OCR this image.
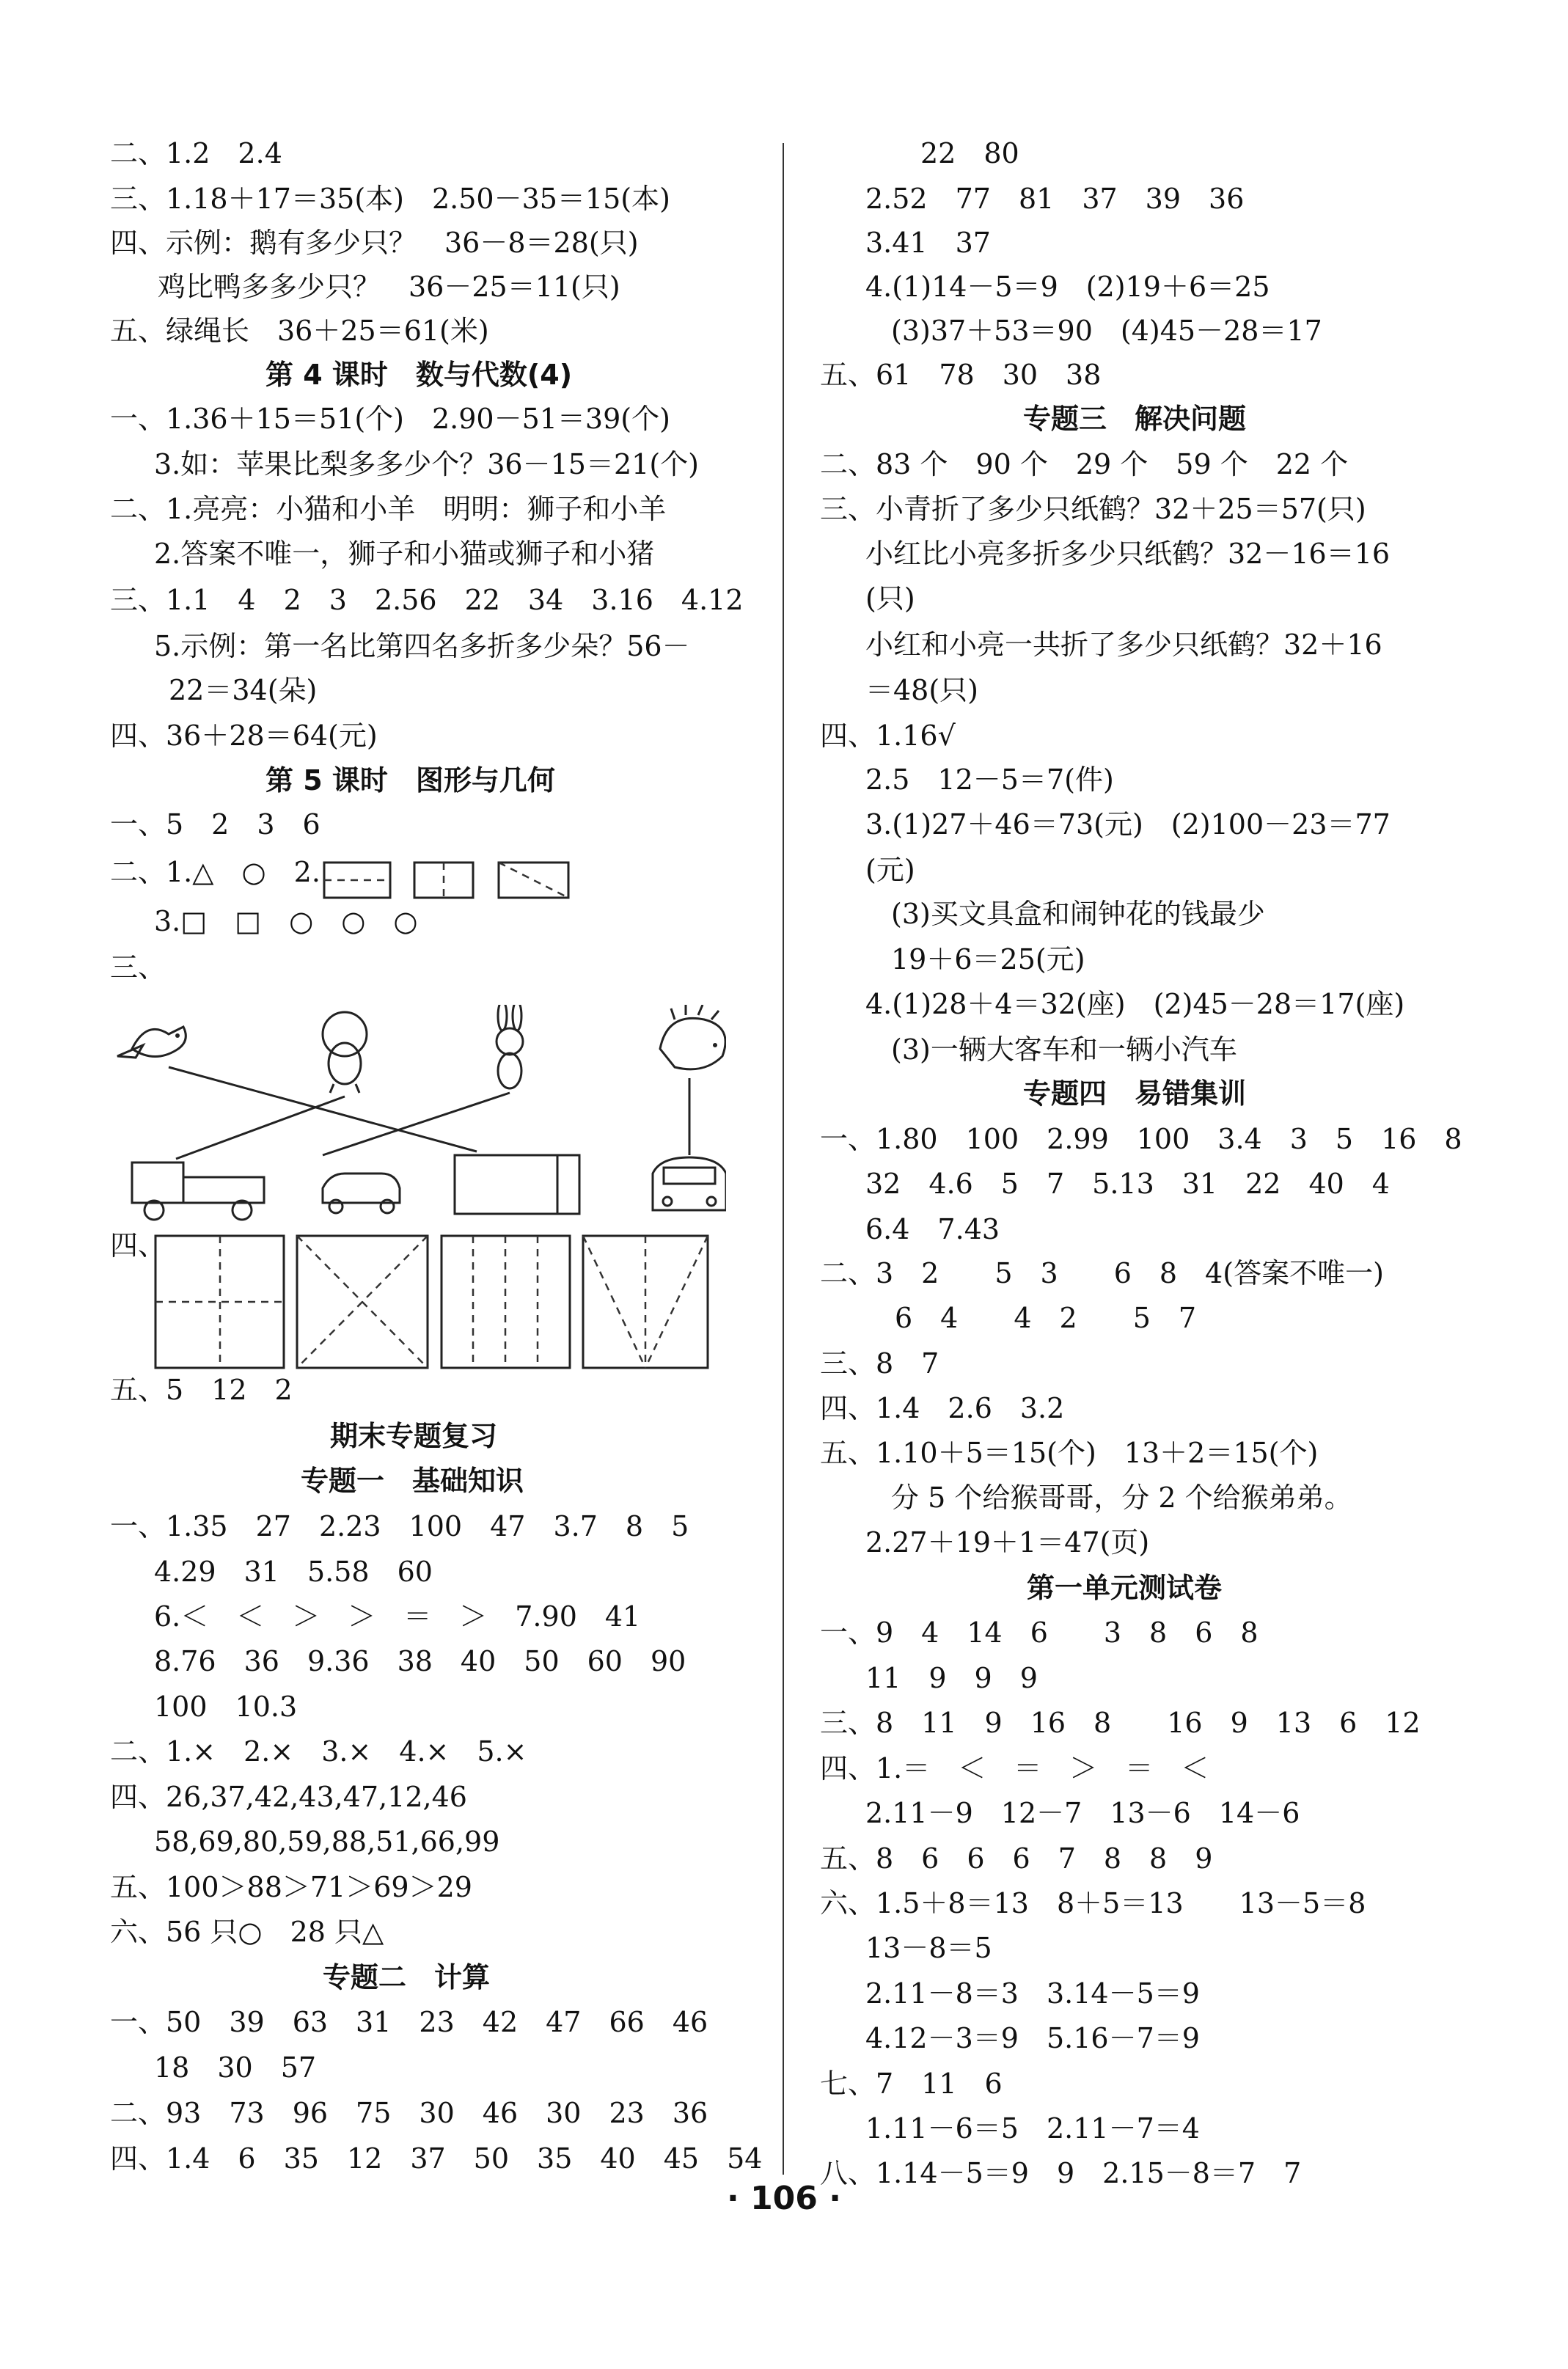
二、1.2　2.4
三、1.18＋17＝35(本)　2.50－35＝15(本)
四、示例：鹅有多少只？　36－8＝28(只)
鸡比鸭多多少只？　36－25＝11(只)
五、绿绳长　36＋25＝61(米)
一、1.36＋15＝51(个)　2.90－51＝39(个)
3.如：苹果比梨多多少个？36－15＝21(个)
二、1.亮亮：小猫和小羊　明明：狮子和小羊
2.答案不唯一，狮子和小猫或狮子和小猪
三、1.1　4　2　3　2.56　22　34　3.16　4.12
5.示例：第一名比第四名多折多少朵？56－
22＝34(朵)
四、36＋28＝64(元)
一、5　2　3　6
二、1.△　○　2.
3.□　□　○　○　○
三、
四、
五、5　12　2
一、1.35　27　2.23　100　47　3.7　8　5
4.29　31　5.58　60
6.＜　＜　＞　＞　＝　＞　7.90　41
8.76　36　9.36　38　40　50　60　90
100　10.3
二、1.×　2.×　3.×　4.×　5.×
四、26,37,42,43,47,12,46
58,69,80,59,88,51,66,99
五、100＞88＞71＞69＞29
六、56 只○　28 只△
一、50　39　63　31　23　42　47　66　46
18　30　57
二、93　73　96　75　30　46　30　23　36
四、1.4　6　35　12　37　50　35　40　45　54
第 4 课时　数与代数(4)
第 5 课时　图形与几何
期末专题复习
专题一　基础知识
专题二　计算
22　80
2.52　77　81　37　39　36
3.41　37
4.(1)14－5＝9　(2)19＋6＝25
(3)37＋53＝90　(4)45－28＝17
五、61　78　30　38
二、83 个　90 个　29 个　59 个　22 个
三、小青折了多少只纸鹤？32＋25＝57(只)
小红比小亮多折多少只纸鹤？32－16＝16
(只)
小红和小亮一共折了多少只纸鹤？32＋16
＝48(只)
四、1.16√
2.5　12－5＝7(件)
3.(1)27＋46＝73(元)　(2)100－23＝77
(元)
(3)买文具盒和闹钟花的钱最少
19＋6＝25(元)
4.(1)28＋4＝32(座)　(2)45－28＝17(座)
(3)一辆大客车和一辆小汽车
一、1.80　100　2.99　100　3.4　3　5　16　8
32　4.6　5　7　5.13　31　22　40　4
6.4　7.43
二、3　2　　5　3　　6　8　4(答案不唯一)
6　4　　4　2　　5　7
三、8　7
四、1.4　2.6　3.2
五、1.10＋5＝15(个)　13＋2＝15(个)
分 5 个给猴哥哥，分 2 个给猴弟弟。
2.27＋19＋1＝47(页)
一、9　4　14　6　　3　8　6　8
11　9　9　9
三、8　11　9　16　8　　16　9　13　6　12
四、1.＝　＜　＝　＞　＝　＜
2.11－9　12－7　13－6　14－6
五、8　6　6　6　7　8　8　9
六、1.5＋8＝13　8＋5＝13　　13－5＝8
13－8＝5
2.11－8＝3　3.14－5＝9
4.12－3＝9　5.16－7＝9
七、7　11　6
1.11－6＝5　2.11－7＝4
八、1.14－5＝9　9　2.15－8＝7　7
专题三　解决问题
专题四　易错集训
第一单元测试卷
· 106 ·
